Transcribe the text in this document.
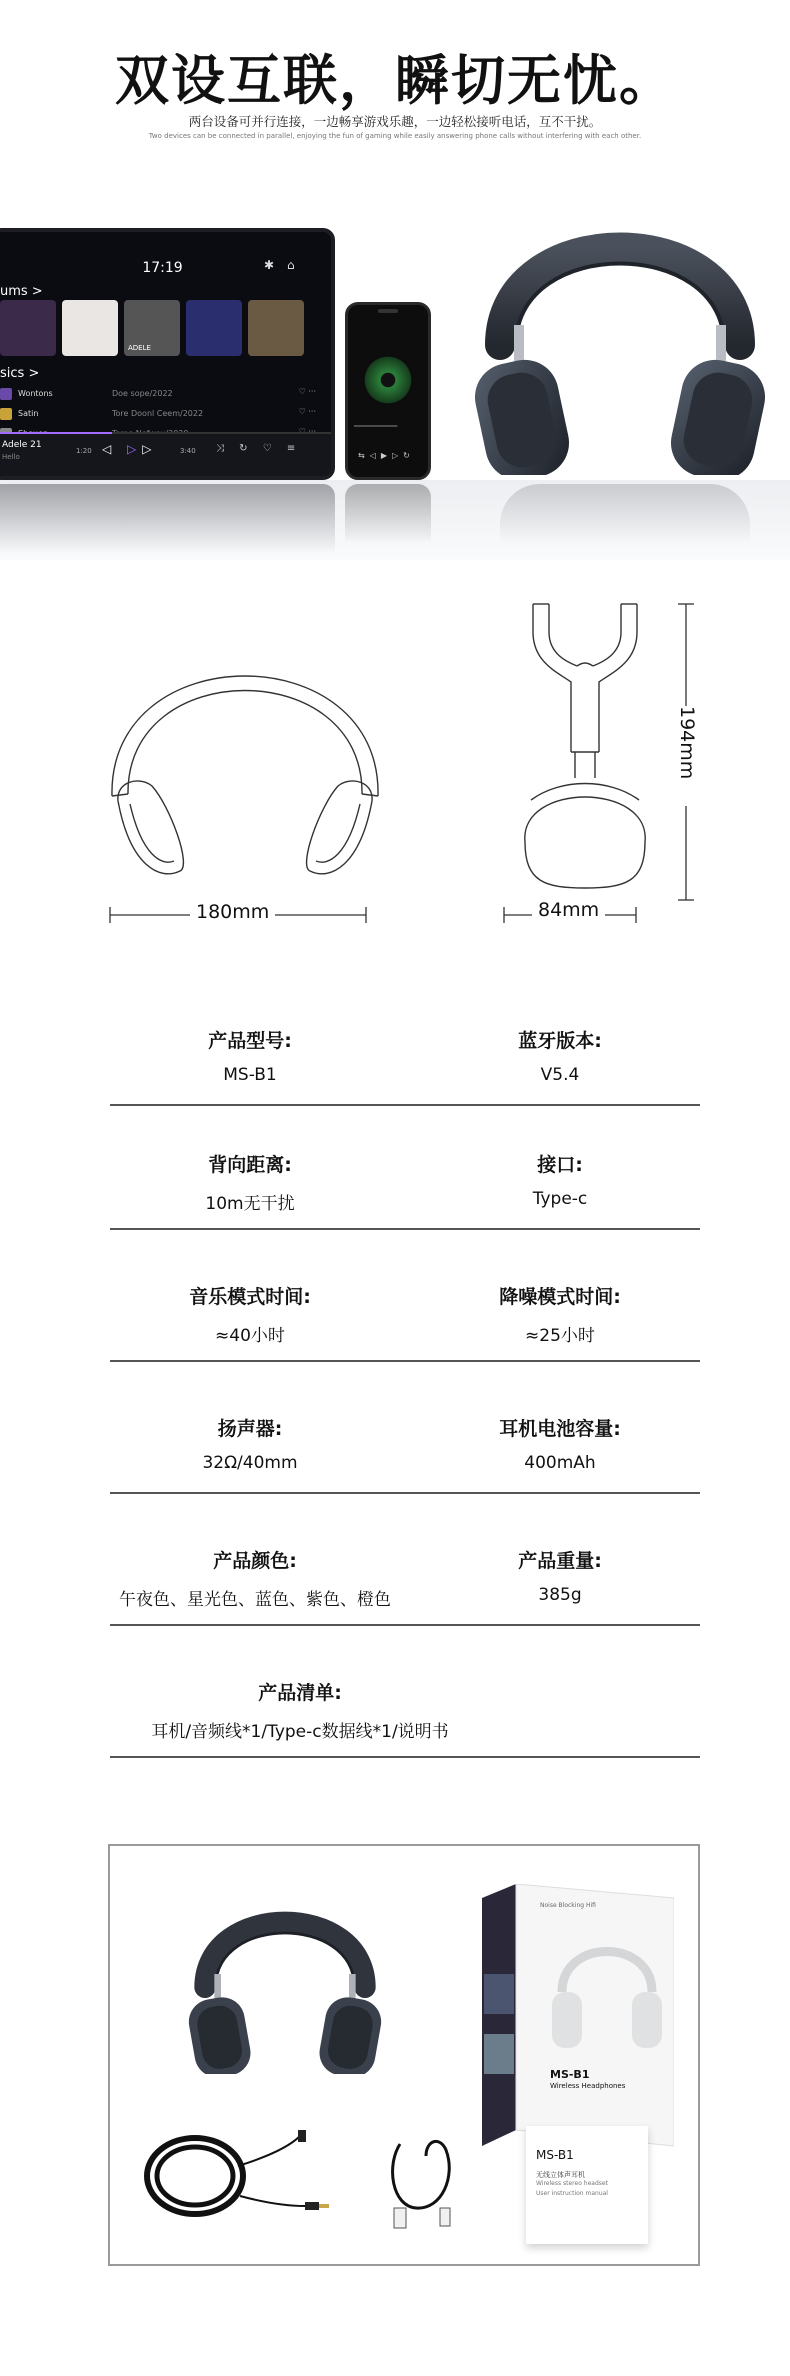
双设互联，瞬切无忧。
两台设备可并行连接，一边畅享游戏乐趣，一边轻松接听电话，互不干扰。
Two devices can be connected in parallel, enjoying the fun of gaming while easily answering phone calls without interfering with each other.
17:19	✱ ⌂
ums >
ADELE
sics >
Wontons	Doe sope/2022	♡ ···
Satin	Tore Doonl Ceem/2022	♡ ···
Adele 21
Hello
1:20 ◁ ▷▷	3:40 ⤨ ↻ ♡ ≡
━━━━━━━━━━━━
⇆◁▶▷↻
180mm	84mm
194mm
产品型号:
MS-B1
蓝牙版本:
V5.4
背向距离:
10m无干扰
接口:
Type-c
音乐模式时间:
≈40小时
降噪模式时间:
≈25小时
扬声器:
32Ω/40mm
耳机电池容量:
400mAh
产品颜色:
午夜色、星光色、蓝色、紫色、橙色
产品重量:
385g
产品清单:
耳机/音频线*1/Type-c数据线*1/说明书
MS-B1
Wireless Headphones
Noise Blocking Hifi
MS-B1
无线立体声耳机
Wireless stereo headset
User instruction manual
